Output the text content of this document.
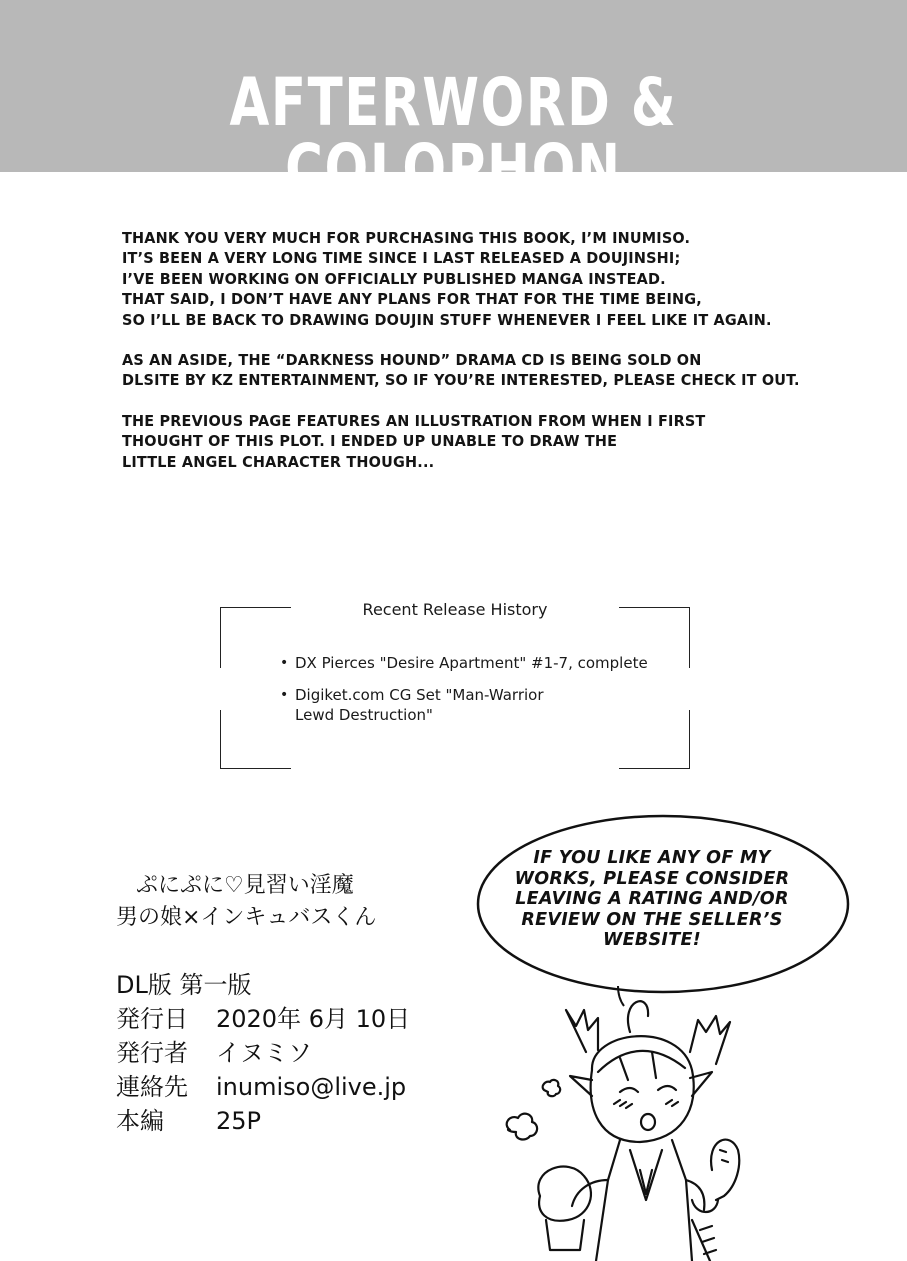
AFTERWORD & COLOPHON

THANK YOU VERY MUCH FOR PURCHASING THIS BOOK, I’M INUMISO.
IT’S BEEN A VERY LONG TIME SINCE I LAST RELEASED A DOUJINSHI;
I’VE BEEN WORKING ON OFFICIALLY PUBLISHED MANGA INSTEAD.
THAT SAID, I DON’T HAVE ANY PLANS FOR THAT FOR THE TIME BEING,
SO I’LL BE BACK TO DRAWING DOUJIN STUFF WHENEVER I FEEL LIKE IT AGAIN.

AS AN ASIDE, THE “DARKNESS HOUND” DRAMA CD IS BEING SOLD ON
DLSITE BY KZ ENTERTAINMENT, SO IF YOU’RE INTERESTED, PLEASE CHECK IT OUT.

THE PREVIOUS PAGE FEATURES AN ILLUSTRATION FROM WHEN I FIRST
THOUGHT OF THIS PLOT. I ENDED UP UNABLE TO DRAW THE
LITTLE ANGEL CHARACTER THOUGH...

Recent Release History
• DX Pierces "Desire Apartment" #1-7, complete
• Digiket.com CG Set "Man-Warrior
Lewd Destruction"
ぷにぷに♡見習い淫魔
男の娘×インキュバスくん
DL版 第一版
発行日 2020年 6月 10日
発行者 イヌミソ
連絡先 inumiso@live.jp
本編 25P
IF YOU LIKE ANY OF MY
WORKS, PLEASE CONSIDER
LEAVING A RATING AND/OR
REVIEW ON THE SELLER’S
WEBSITE!
